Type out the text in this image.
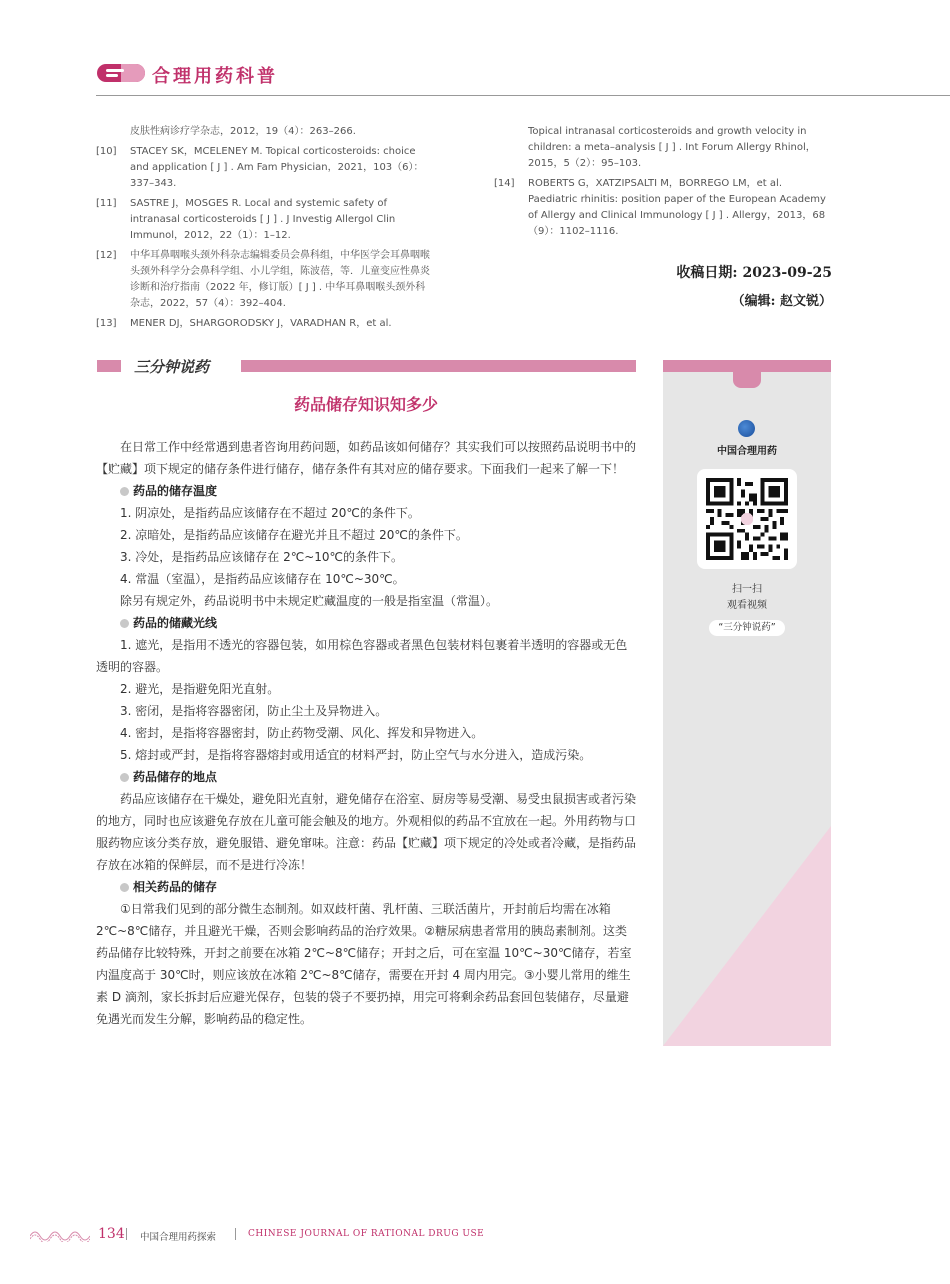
合理用药科普
皮肤性病诊疗学杂志，2012，19（4）：263–266.
[10]	STACEY SK，MCELENEY M. Topical corticosteroids: choice and application [ J ] . Am Fam Physician，2021，103（6）：337–343.
[11]	SASTRE J，MOSGES R. Local and systemic safety of intranasal corticosteroids [ J ] . J Investig Allergol Clin Immunol，2012，22（1）：1–12.
[12]	中华耳鼻咽喉头颈外科杂志编辑委员会鼻科组，中华医学会耳鼻咽喉头颈外科学分会鼻科学组、小儿学组，陈波蓓，等．儿童变应性鼻炎诊断和治疗指南（2022 年，修订版）[ J ] . 中华耳鼻咽喉头颈外科杂志，2022，57（4）：392–404.
[13]	MENER DJ，SHARGORODSKY J，VARADHAN R，et al.
Topical intranasal corticosteroids and growth velocity in children: a meta–analysis [ J ] . Int Forum Allergy Rhinol，2015，5（2）：95–103.
[14]	ROBERTS G，XATZIPSALTI M，BORREGO LM，et al. Paediatric rhinitis: position paper of the European Academy of Allergy and Clinical Immunology [ J ] . Allergy，2013，68（9）：1102–1116.
收稿日期: 2023-09-25
（编辑: 赵文锐）
三分钟说药
药品储存知识知多少

在日常工作中经常遇到患者咨询用药问题，如药品该如何储存？其实我们可以按照药品说明书中的【贮藏】项下规定的储存条件进行储存，储存条件有其对应的储存要求。下面我们一起来了解一下！

药品的储存温度

1. 阴凉处，是指药品应该储存在不超过 20℃的条件下。

2. 凉暗处，是指药品应该储存在避光并且不超过 20℃的条件下。

3. 冷处，是指药品应该储存在 2℃~10℃的条件下。

4. 常温（室温），是指药品应该储存在 10℃~30℃。

除另有规定外，药品说明书中未规定贮藏温度的一般是指室温（常温）。

药品的储藏光线

1. 遮光，是指用不透光的容器包装，如用棕色容器或者黑色包装材料包裹着半透明的容器或无色透明的容器。

2. 避光，是指避免阳光直射。

3. 密闭，是指将容器密闭，防止尘土及异物进入。

4. 密封，是指将容器密封，防止药物受潮、风化、挥发和异物进入。

5. 熔封或严封，是指将容器熔封或用适宜的材料严封，防止空气与水分进入，造成污染。

药品储存的地点

药品应该储存在干燥处，避免阳光直射，避免储存在浴室、厨房等易受潮、易受虫鼠损害或者污染的地方，同时也应该避免存放在儿童可能会触及的地方。外观相似的药品不宜放在一起。外用药物与口服药物应该分类存放，避免服错、避免窜味。注意：药品【贮藏】项下规定的冷处或者冷藏，是指药品存放在冰箱的保鲜层，而不是进行冷冻！

相关药品的储存

①日常我们见到的部分微生态制剂。如双歧杆菌、乳杆菌、三联活菌片，开封前后均需在冰箱 2℃~8℃储存，并且避光干燥，否则会影响药品的治疗效果。②糖尿病患者常用的胰岛素制剂。这类药品储存比较特殊，开封之前要在冰箱 2℃~8℃储存；开封之后，可在室温 10℃~30℃储存，若室内温度高于 30℃时，则应该放在冰箱 2℃~8℃储存，需要在开封 4 周内用完。③小婴儿常用的维生素 D 滴剂，家长拆封后应避光保存，包装的袋子不要扔掉，用完可将剩余药品套回包装储存，尽量避免遇光而发生分解，影响药品的稳定性。

中国合理用药
扫一扫
观看视频
“三分钟说药”
134 中国合理用药探索	CHINESE JOURNAL OF RATIONAL DRUG USE
